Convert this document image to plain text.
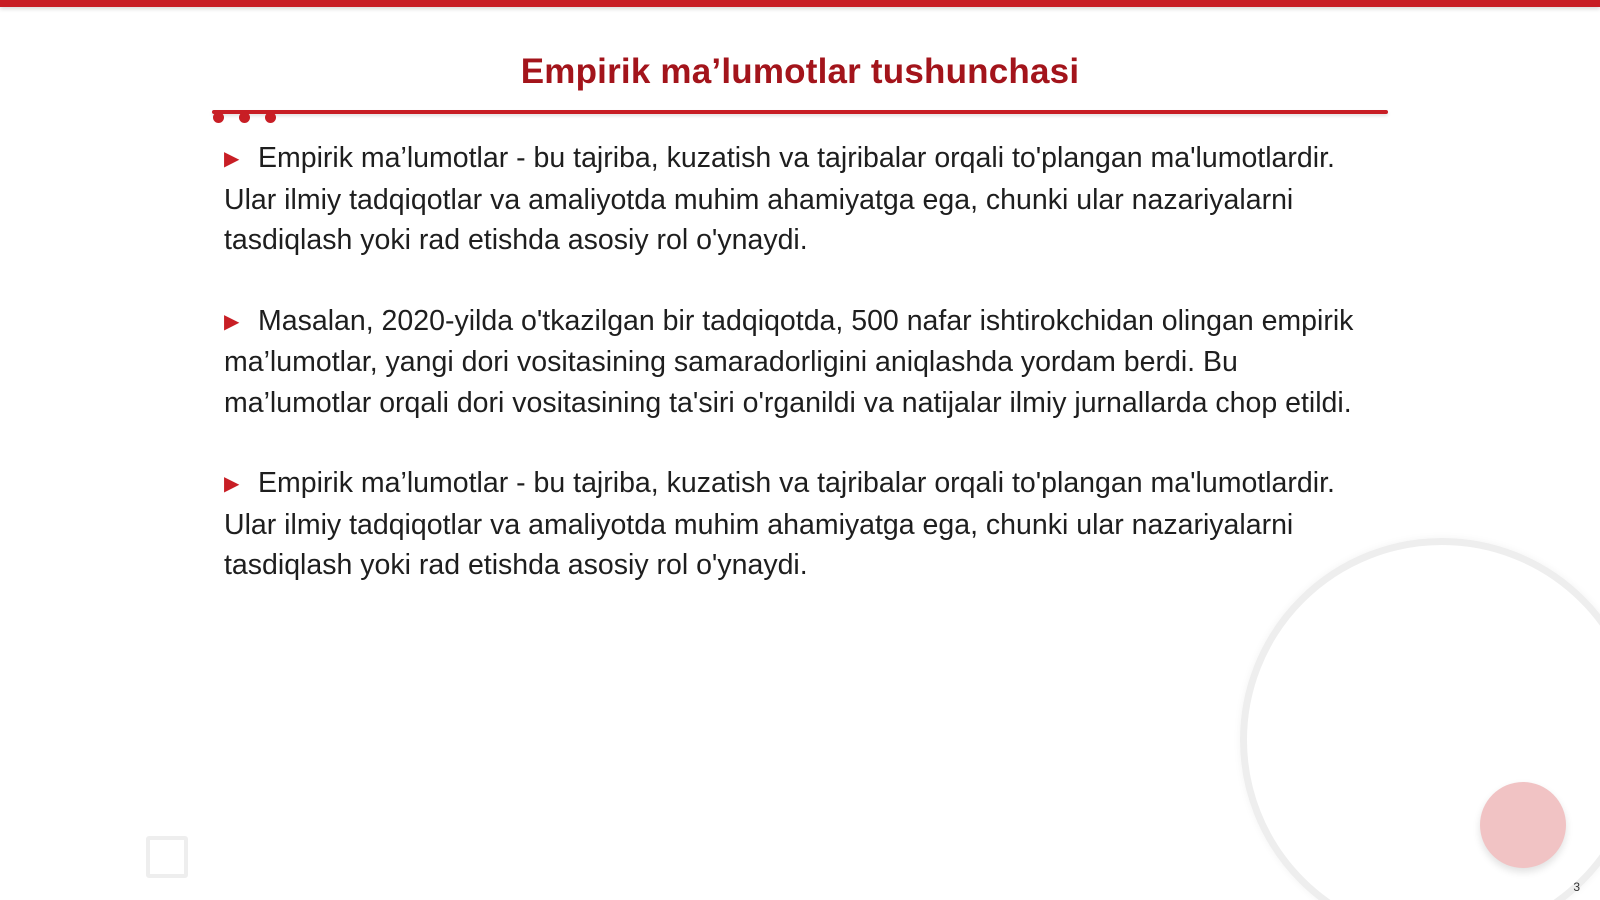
Empirik ma’lumotlar tushunchasi

▶ Empirik ma’lumotlar - bu tajriba, kuzatish va tajribalar orqali to'plangan ma'lumotlardir. Ular ilmiy tadqiqotlar va amaliyotda muhim ahamiyatga ega, chunki ular nazariyalarni tasdiqlash yoki rad etishda asosiy rol o'ynaydi.

▶ Masalan, 2020-yilda o'tkazilgan bir tadqiqotda, 500 nafar ishtirokchidan olingan empirik ma’lumotlar, yangi dori vositasining samaradorligini aniqlashda yordam berdi. Bu ma’lumotlar orqali dori vositasining ta'siri o'rganildi va natijalar ilmiy jurnallarda chop etildi.

▶ Empirik ma’lumotlar - bu tajriba, kuzatish va tajribalar orqali to'plangan ma'lumotlardir. Ular ilmiy tadqiqotlar va amaliyotda muhim ahamiyatga ega, chunki ular nazariyalarni tasdiqlash yoki rad etishda asosiy rol o'ynaydi.

3
